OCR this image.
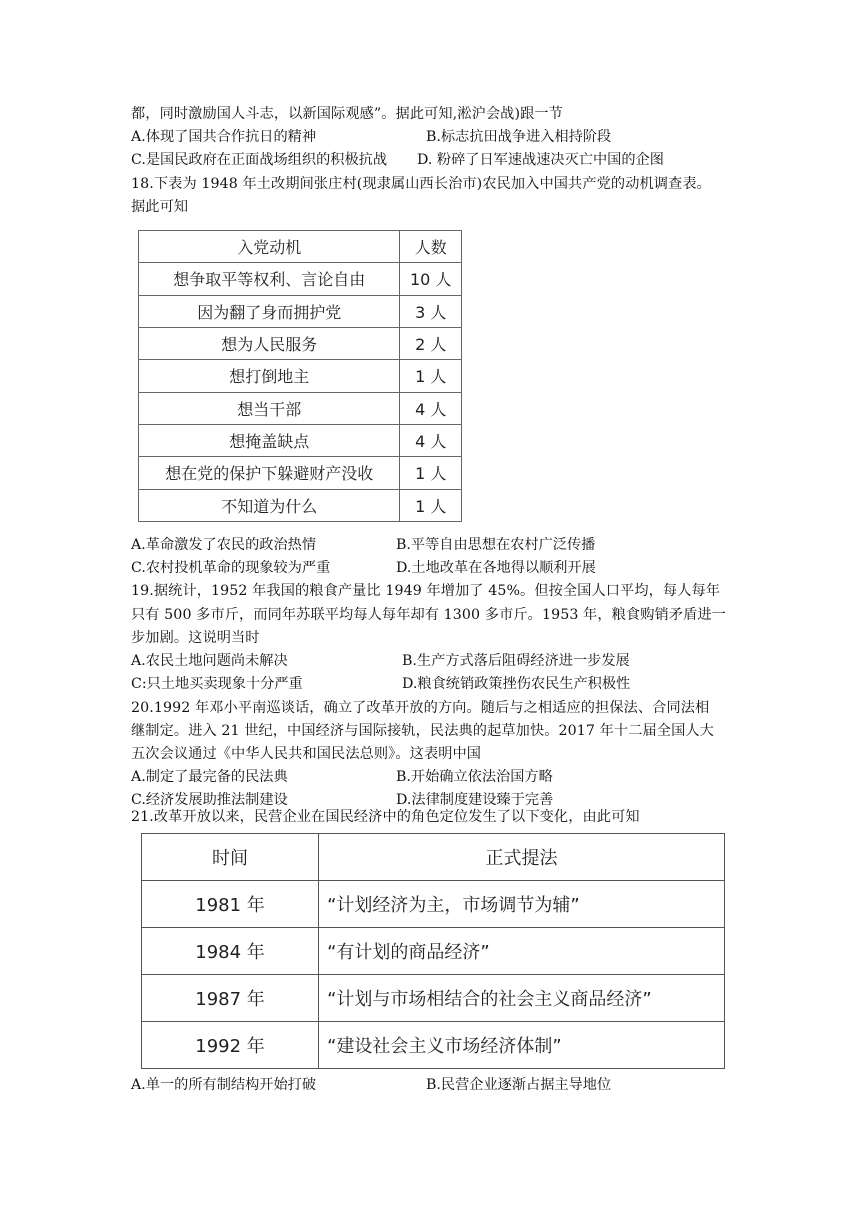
都，同时激励国人斗志，以新国际观感”。据此可知,淞沪会战)跟一节
A.体现了国共合作抗日的精神	B.标志抗田战争进入相持阶段
C.是国民政府在正面战场组织的积极抗战 D. 粉碎了日军速战速决灭亡中国的企图
18.下表为 1948 年土改期间张庄村(现隶属山西长治市)农民加入中国共产党的动机调查表。
据此可知
入党动机	人数
想争取平等权利、言论自由	10 人
因为翻了身而拥护党	3 人
想为人民服务	2 人
想打倒地主	1 人
想当干部	4 人
想掩盖缺点	4 人
想在党的保护下躲避财产没收	1 人
不知道为什么	1 人
A.革命激发了农民的政治热情	B.平等自由思想在农村广泛传播
C.农村投机革命的现象较为严重	D.土地改革在各地得以顺利开展
19.据统计，1952 年我国的粮食产量比 1949 年增加了 45%。但按全国人口平均，每人每年
只有 500 多市斤，而同年苏联平均每人每年却有 1300 多市斤。1953 年，粮食购销矛盾进一
步加剧。这说明当时
A.农民土地问题尚未解决	B.生产方式落后阻碍经济进一步发展
C:只土地买卖现象十分严重	D.粮食统销政策挫伤农民生产积极性
20.1992 年邓小平南巡谈话，确立了改革开放的方向。随后与之相适应的担保法、合同法相
继制定。进入 21 世纪，中国经济与国际接轨，民法典的起草加快。2017 年十二届全国人大
五次会议通过《中华人民共和国民法总则》。这表明中国
A.制定了最完备的民法典	B.开始确立依法治国方略
C.经济发展助推法制建设	D.法律制度建设臻于完善
21.改革开放以来，民营企业在国民经济中的角色定位发生了以下变化，由此可知
时间	正式提法
1981 年	“计划经济为主，市场调节为辅”
1984 年	“有计划的商品经济”
1987 年	“计划与市场相结合的社会主义商品经济”
1992 年	“建设社会主义市场经济体制”
A.单一的所有制结构开始打破	B.民营企业逐渐占据主导地位
